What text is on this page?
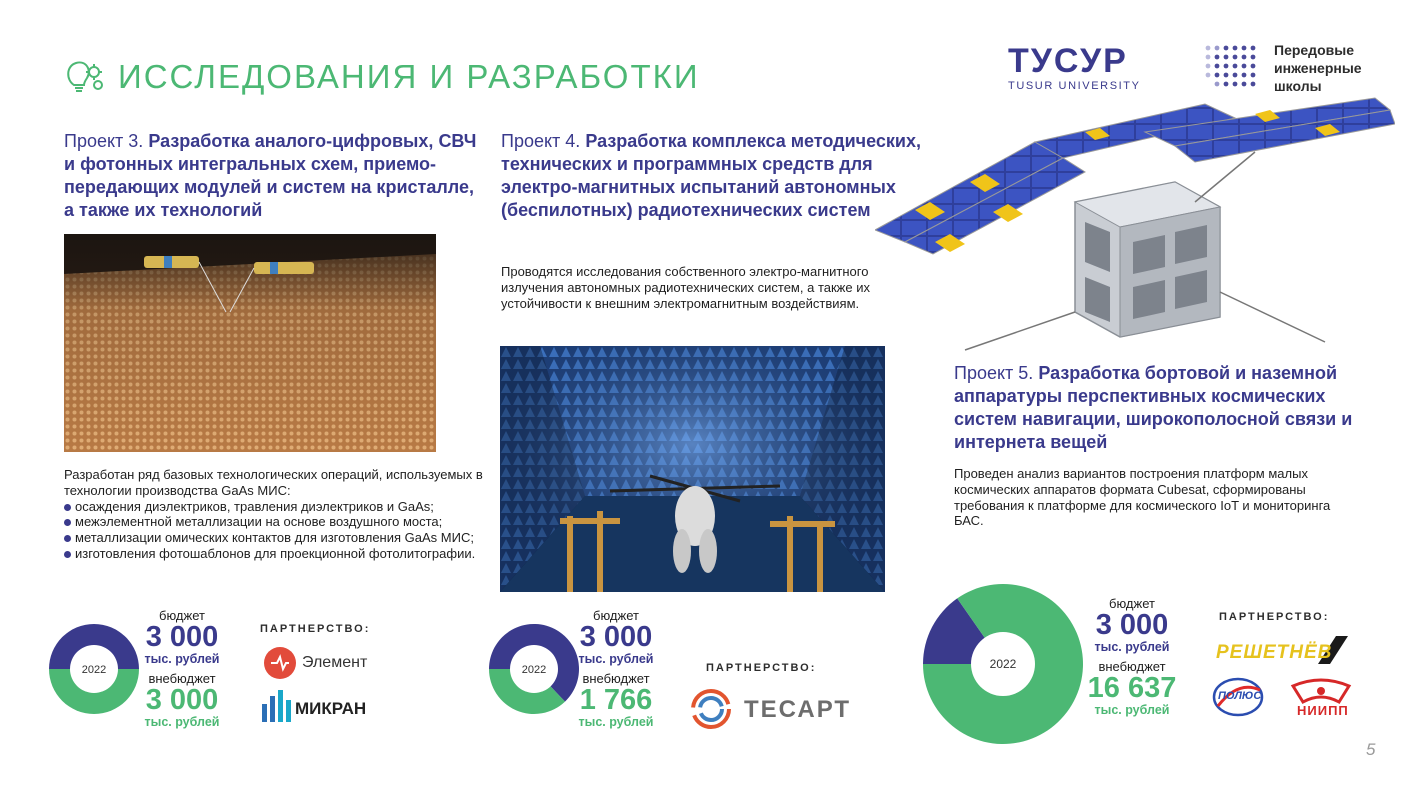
ИССЛЕДОВАНИЯ И РАЗРАБОТКИ	ТУСУР
TUSUR UNIVERSITY
Передовые
инженерные
школы
Проект 3. Разработка аналого-цифровых, СВЧ и фотонных интегральных схем, приемо-передающих модулей и систем на кристалле, а также их технологий
Разработан ряд базовых технологических операций, используемых в технологии производства GaAs МИС:
осаждения диэлектриков, травления диэлектриков и GaAs;
межэлементной металлизации на основе воздушного моста;
металлизации омических контактов для изготовления GaAs МИС;
изготовления фотошаблонов для проекционной фотолитографии.
2022
бюджет
3 000
тыс. рублей
внебюджет
3 000
тыс. рублей
ПАРТНЕРСТВО:
Элемент
МИКРАН
Проект 4. Разработка комплекса методических, технических и программных средств для электро-магнитных испытаний автономных (беспилотных) радиотехнических систем
Проводятся исследования собственного электро-магнитного излучения автономных радиотехнических систем, а также их устойчивости к внешним электромагнитным воздействиям.
2022
бюджет
3 000
тыс. рублей
внебюджет
1 766
тыс. рублей
ПАРТНЕРСТВО:
ТЕСАРТ
Проект 5. Разработка бортовой и наземной аппаратуры перспективных космических систем навигации, широкополосной связи и интернета вещей
Проведен анализ вариантов построения платформ малых космических аппаратов формата Cubesat, сформированы требования к платформе для космического IoT и мониторинга БАС.
2022
бюджет
3 000
тыс. рублей
внебюджет
16 637
тыс. рублей
ПАРТНЕРСТВО:
РЕШЕТНЁВ
ПОЛЮС
НИИПП
5
